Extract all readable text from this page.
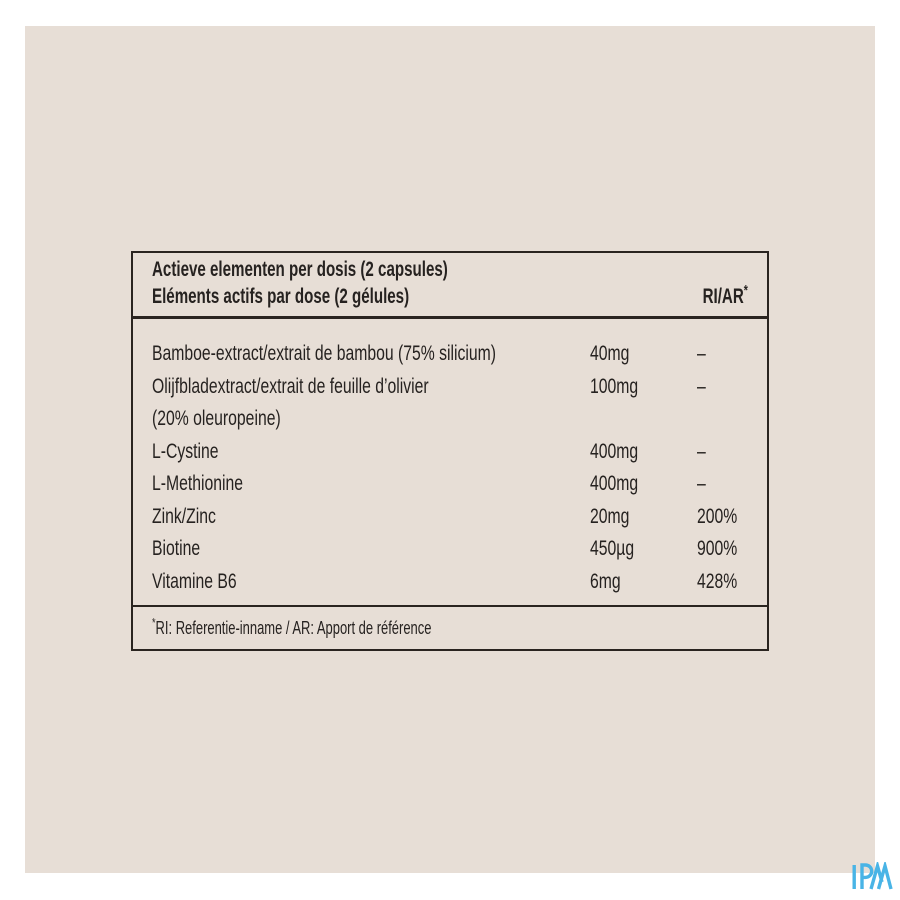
Actieve elementen per dosis (2 capsules)
Eléments actifs par dose (2 gélules)	RI/AR*
Bamboe-extract/extrait de bambou (75% silicium)	40mg	–
Olijfbladextract/extrait de feuille d’olivier	100mg	–
(20% oleuropeine)
L-Cystine	400mg	–
L-Methionine	400mg	–
Zink/Zinc	20mg	200%
Biotine	450µg	900%
Vitamine B6	6mg	428%
*RI: Referentie-inname / AR: Apport de référence
